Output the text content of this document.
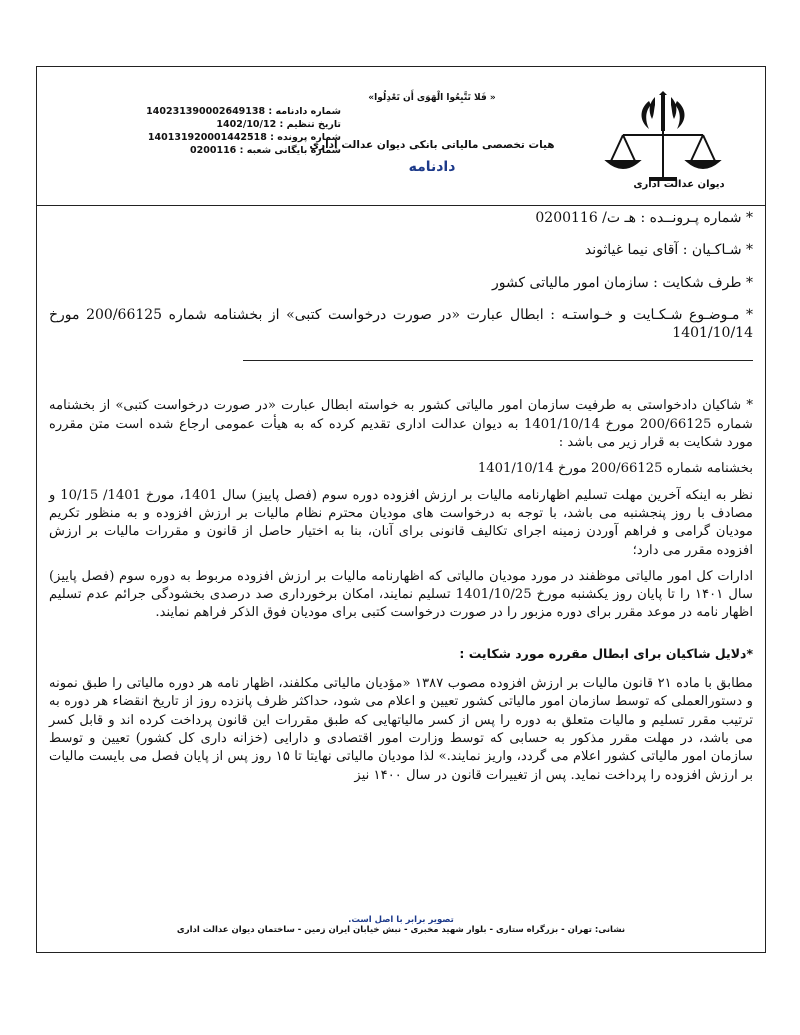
دیوان عدالت اداری
«فَلا تَتَّبِعُوا الْهَوَی أَن تَعْدِلُوا »
هیات تخصصی مالیاتی بانکی دیوان عدالت اداری
دادنامه
شماره دادنامه : 140231390002649138
تاریخ تنظیم : 1402/10/12
شماره پرونده : 140131920001442518
شماره بایگانی شعبه : 0200116

* شماره پـرونــده : هـ ت/ 0200116

* شـاکـیان : آقای نیما غیاثوند

* طرف شکایت : سازمان امور مالیاتی کشور

* مـوضـوع شـکـایت و خـواستـه : ابطال عبارت «در صورت درخواست کتبی» از بخشنامه شماره 200/66125 مورخ 1401/10/14

* شاکیان دادخواستی به طرفیت سازمان امور مالیاتی کشور به خواسته ابطال عبارت «در صورت درخواست کتبی» از بخشنامه شماره 200/66125 مورخ 1401/10/14 به دیوان عدالت اداری تقدیم کرده که به هیأت عمومی ارجاع شده است متن مقرره مورد شکایت به قرار زیر می باشد :

بخشنامه شماره 200/66125 مورخ 1401/10/14

نظر به اینکه آخرین مهلت تسلیم اظهارنامه مالیات بر ارزش افزوده دوره سوم (فصل پاییز) سال 1401، مورخ 1401/ 10/15 و مصادف با روز پنجشنبه می باشد، با توجه به درخواست های مودیان محترم نظام مالیات بر ارزش افزوده و به منظور تکریم مودیان گرامی و فراهم آوردن زمینه اجرای تکالیف قانونی برای آنان، بنا به اختیار حاصل از قانون و مقررات مالیات بر ارزش افزوده مقرر می دارد؛

ادارات کل امور مالیاتی موظفند در مورد مودیان مالیاتی که اظهارنامه مالیات بر ارزش افزوده مربوط به دوره سوم (فصل پاییز) سال ۱۴۰۱ را تا پایان روز یکشنبه مورخ 1401/10/25 تسلیم نمایند، امکان برخورداری صد درصدی بخشودگی جرائم عدم تسلیم اظهار نامه در موعد مقرر برای دوره مزبور را در صورت درخواست کتبی برای مودیان فوق الذکر فراهم نمایند.

*دلایل شاکیان برای ابطال مقرره مورد شکایت :

مطابق با ماده ۲۱ قانون مالیات بر ارزش افزوده مصوب ۱۳۸۷ «مؤدیان مالیاتی مکلفند، اظهار نامه هر دوره مالیاتی را طبق نمونه و دستورالعملی که توسط سازمان امور مالیاتی کشور تعیین و اعلام می شود، حداکثر ظرف پانزده روز از تاریخ انقضاء هر دوره به ترتیب مقرر تسلیم و مالیات متعلق به دوره را پس از کسر مالیاتهایی که طبق مقررات این قانون پرداخت کرده اند و قابل کسر می باشد، در مهلت مقرر مذکور به حسابی که توسط وزارت امور اقتصادی و دارایی (خزانه داری کل کشور) تعیین و توسط سازمان امور مالیاتی کشور اعلام می گردد، واریز نمایند.» لذا مودیان مالیاتی نهایتا تا ۱۵ روز پس از پایان فصل می بایست مالیات بر ارزش افزوده را پرداخت نماید. پس از تغییرات قانون در سال ۱۴۰۰ نیز

تصویر برابر با اصل است.
نشانی: تهران - بزرگراه ستاری - بلوار شهید مخبری - نبش خیابان ایران زمین - ساختمان دیوان عدالت اداری
